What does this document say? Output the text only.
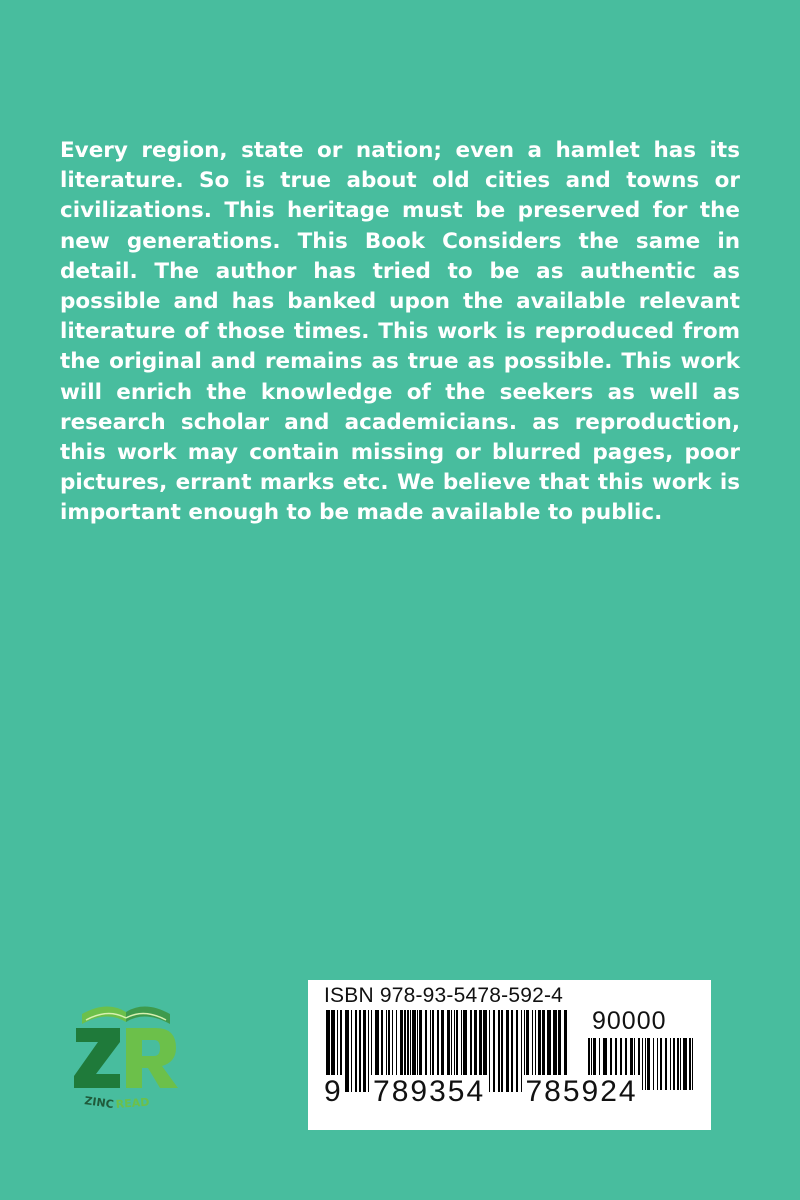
Every region, state or nation; even a hamlet has its literature. So is true about old cities and towns or civilizations. This heritage must be preserved for the new generations. This Book Considers the same in detail. The author has tried to be as authentic as possible and has banked upon the available relevant literature of those times. This work is reproduced from the original and remains as true as possible. This work will enrich the knowledge of the seekers as well as research scholar and academicians. as reproduction, this work may contain missing or blurred pages, poor pictures, errant marks etc. We believe that this work is important enough to be made available to public.

ZINC READ
ISBN 978-93-5478-592-4
90000
9 789354 785924
